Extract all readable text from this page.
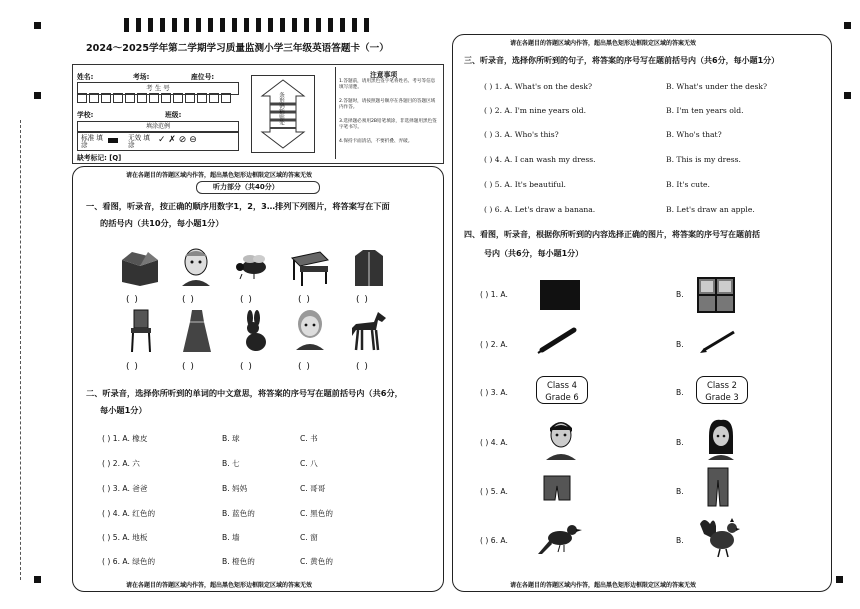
2024～2025学年第二学期学习质量监测小学三年级英语答题卡（一）
姓名:	考场:	座位号:
考 生 号
学校:	班级:
填涂范例
标准 填涂
无效 填涂	✓ ✗ ⊘ ⊖
缺考标记: [Q]
条形码粘贴处
注意事项
1.答题前，请用黑色签字笔将姓名、考号等信息填写清楚。
2.答题时，请按照题号顺序在各题目的答题区域内作答。
3.选择题必须用2B铅笔填涂，非选择题用黑色签字笔书写。
4.保持卡面清洁，不要折叠、弄破。
请在各题目的答题区域内作答，超出黑色矩形边框限定区域的答案无效
听力部分（共40分）
一、看图，听录音，按正确的顺序用数字1，2，3…排列下列图片，将答案写在下面
的括号内（共10分，每小题1分）
( )	( )	( )	( )	( )
( )	( )	( )	( )	( )
二、听录音，选择你所听到的单词的中文意思，将答案的序号写在题前括号内（共6分，
每小题1分）
( ) 1. A. 橡皮	B. 球	C. 书
( ) 2. A. 六	B. 七	C. 八
( ) 3. A. 爸爸	B. 妈妈	C. 哥哥
( ) 4. A. 红色的	B. 蓝色的	C. 黑色的
( ) 5. A. 地板	B. 墙	C. 窗
( ) 6. A. 绿色的	B. 橙色的	C. 黄色的
请在各题目的答题区域内作答，超出黑色矩形边框限定区域的答案无效
请在各题目的答题区域内作答，超出黑色矩形边框限定区域的答案无效
三、听录音，选择你所听到的句子，将答案的序号写在题前括号内（共6分，每小题1分）
( ) 1. A. What's on the desk?	B. What's under the desk?
( ) 2. A. I'm nine years old.	B. I'm ten years old.
( ) 3. A. Who's this?	B. Who's that?
( ) 4. A. I can wash my dress.	B. This is my dress.
( ) 5. A. It's beautiful.	B. It's cute.
( ) 6. A. Let's draw a banana.	B. Let's draw an apple.
四、看图，听录音，根据你所听到的内容选择正确的图片，将答案的序号写在题前括
号内（共6分，每小题1分）
( ) 1. A.	B.
( ) 2. A.	B.
( ) 3. A.	B.
Class 4
Grade 6
Class 2
Grade 3
( ) 4. A.	B.
( ) 5. A.	B.
( ) 6. A.	B.
请在各题目的答题区域内作答，超出黑色矩形边框限定区域的答案无效
